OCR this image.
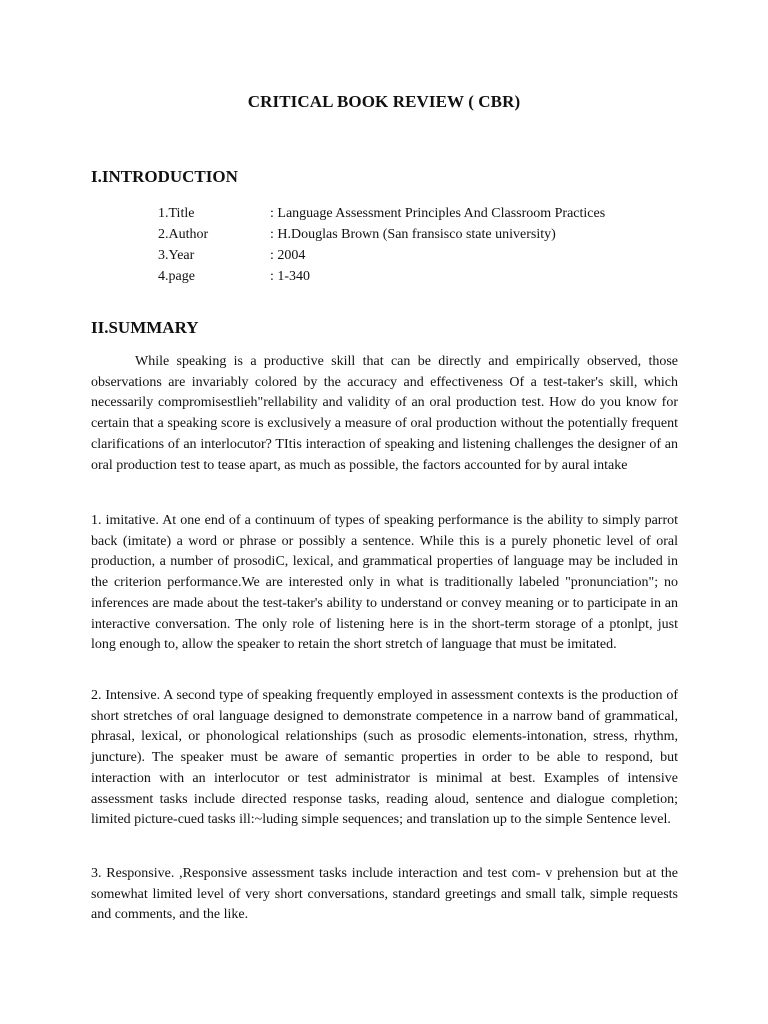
CRITICAL BOOK REVIEW ( CBR)
I.INTRODUCTION
1.Title	: Language Assessment Principles And Classroom Practices
2.Author	: H.Douglas Brown (San fransisco state university)
3.Year	: 2004
4.page	: 1-340
II.SUMMARY

While speaking is a productive skill that can be directly and empirically observed, those observations are invariably colored by the accuracy and effectiveness Of a test-taker's skill, which necessarily compromisestlieh"rellability and validity of an oral production test. How do you know for certain that a speaking score is exclusively a measure of oral production without the potentially frequent clarifications of an interlocutor? TItis interaction of speaking and listening challenges the designer of an oral production test to tease apart, as much as possible, the factors accounted for by aural intake

1. imitative. At one end of a continuum of types of speaking performance is the ability to simply parrot back (imitate) a word or phrase or possibly a sentence. While this is a purely phonetic level of oral production, a number of prosodiC, lexical, and grammatical properties of language may be included in the criterion performance.We are interested only in what is traditionally labeled "pronunciation"; no inferences are made about the test-taker's ability to understand or convey meaning or to participate in an interactive conversation. The only role of listening here is in the short-term storage of a ptonlpt, just long enough to, allow the speaker to retain the short stretch of language that must be imitated.

2. Intensive. A second type of speaking frequently employed in assessment contexts is the production of short stretches of oral language designed to demonstrate competence in a narrow band of grammatical, phrasal, lexical, or phonological relationships (such as prosodic elements-intonation, stress, rhythm, juncture). The speaker must be aware of semantic properties in order to be able to respond, but interaction with an interlocutor or test administrator is minimal at best. Examples of intensive assessment tasks include directed response tasks, reading aloud, sentence and dialogue completion; limited picture-cued tasks ill:~luding simple sequences; and translation up to the simple Sentence level.

3. Responsive. ,Responsive assessment tasks include interaction and test com- v prehension but at the somewhat limited level of very short conversations, standard greetings and small talk, simple requests and comments, and the like.
